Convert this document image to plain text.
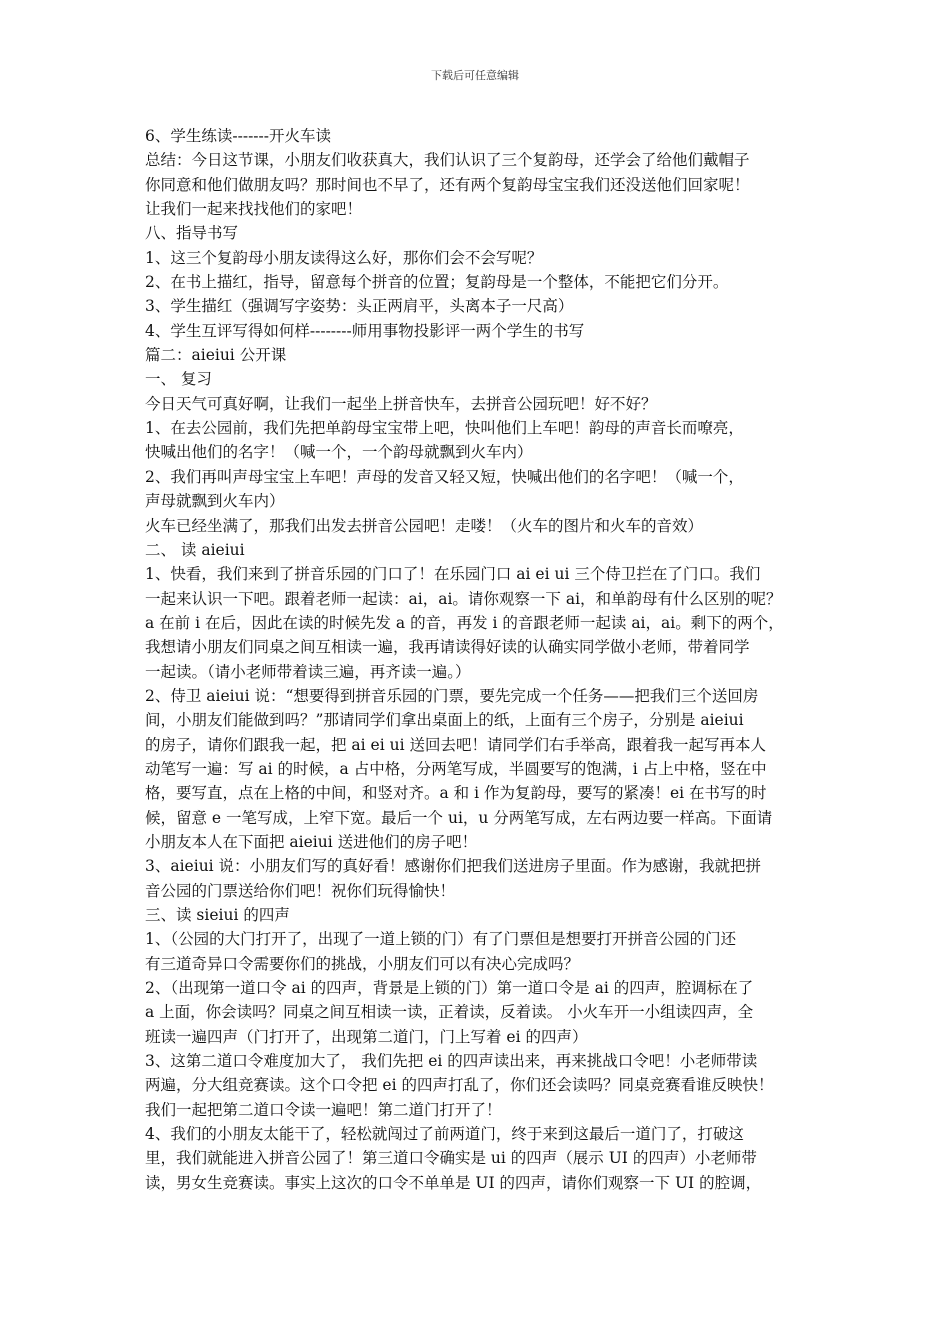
下载后可任意编辑
6、学生练读-------开火车读
总结：今日这节课，小朋友们收获真大，我们认识了三个复韵母，还学会了给他们戴帽子
你同意和他们做朋友吗？那时间也不早了，还有两个复韵母宝宝我们还没送他们回家呢！
让我们一起来找找他们的家吧！
八、指导书写
1、这三个复韵母小朋友读得这么好，那你们会不会写呢？
2、在书上描红，指导，留意每个拼音的位置；复韵母是一个整体，不能把它们分开。
3、学生描红（强调写字姿势：头正两肩平，头离本子一尺高）
4、学生互评写得如何样--------师用事物投影评一两个学生的书写
篇二：aieiui 公开课
一、 复习
今日天气可真好啊，让我们一起坐上拼音快车，去拼音公园玩吧！好不好？
1、在去公园前，我们先把单韵母宝宝带上吧，快叫他们上车吧！韵母的声音长而嘹亮，
快喊出他们的名字！（喊一个，一个韵母就飘到火车内）
2、我们再叫声母宝宝上车吧！声母的发音又轻又短，快喊出他们的名字吧！（喊一个，
声母就飘到火车内）
火车已经坐满了，那我们出发去拼音公园吧！走喽！（火车的图片和火车的音效）
二、 读 aieiui
1、快看，我们来到了拼音乐园的门口了！在乐园门口 ai ei ui 三个侍卫拦在了门口。我们
一起来认识一下吧。跟着老师一起读：ai，ai。请你观察一下 ai，和单韵母有什么区别的呢？
a 在前 i 在后，因此在读的时候先发 a 的音，再发 i 的音跟老师一起读 ai，ai。剩下的两个，
我想请小朋友们同桌之间互相读一遍，我再请读得好读的认确实同学做小老师，带着同学
一起读。（请小老师带着读三遍，再齐读一遍。）
2、侍卫 aieiui 说：“想要得到拼音乐园的门票，要先完成一个任务——把我们三个送回房
间，小朋友们能做到吗？”那请同学们拿出桌面上的纸，上面有三个房子，分别是 aieiui
的房子，请你们跟我一起，把 ai ei ui 送回去吧！请同学们右手举高，跟着我一起写再本人
动笔写一遍：写 ai 的时候，a 占中格，分两笔写成，半圆要写的饱满，i 占上中格，竖在中
格，要写直，点在上格的中间，和竖对齐。a 和 i 作为复韵母，要写的紧凑！ei 在书写的时
候，留意 e 一笔写成，上窄下宽。最后一个 ui，u 分两笔写成，左右两边要一样高。下面请
小朋友本人在下面把 aieiui 送进他们的房子吧！
3、aieiui 说：小朋友们写的真好看！感谢你们把我们送进房子里面。作为感谢，我就把拼
音公园的门票送给你们吧！祝你们玩得愉快！
三、读 sieiui 的四声
1、（公园的大门打开了，出现了一道上锁的门）有了门票但是想要打开拼音公园的门还
有三道奇异口令需要你们的挑战，小朋友们可以有决心完成吗？
2、（出现第一道口令 ai 的四声，背景是上锁的门）第一道口令是 ai 的四声，腔调标在了
a 上面，你会读吗？同桌之间互相读一读，正着读，反着读。 小火车开一小组读四声，全
班读一遍四声（门打开了，出现第二道门，门上写着 ei 的四声）
3、这第二道口令难度加大了， 我们先把 ei 的四声读出来，再来挑战口令吧！小老师带读
两遍，分大组竞赛读。这个口令把 ei 的四声打乱了，你们还会读吗？同桌竞赛看谁反映快！
我们一起把第二道口令读一遍吧！第二道门打开了！
4、我们的小朋友太能干了，轻松就闯过了前两道门，终于来到这最后一道门了，打破这
里，我们就能进入拼音公园了！第三道口令确实是 ui 的四声（展示 UI 的四声）小老师带
读，男女生竞赛读。事实上这次的口令不单单是 UI 的四声，请你们观察一下 UI 的腔调，
